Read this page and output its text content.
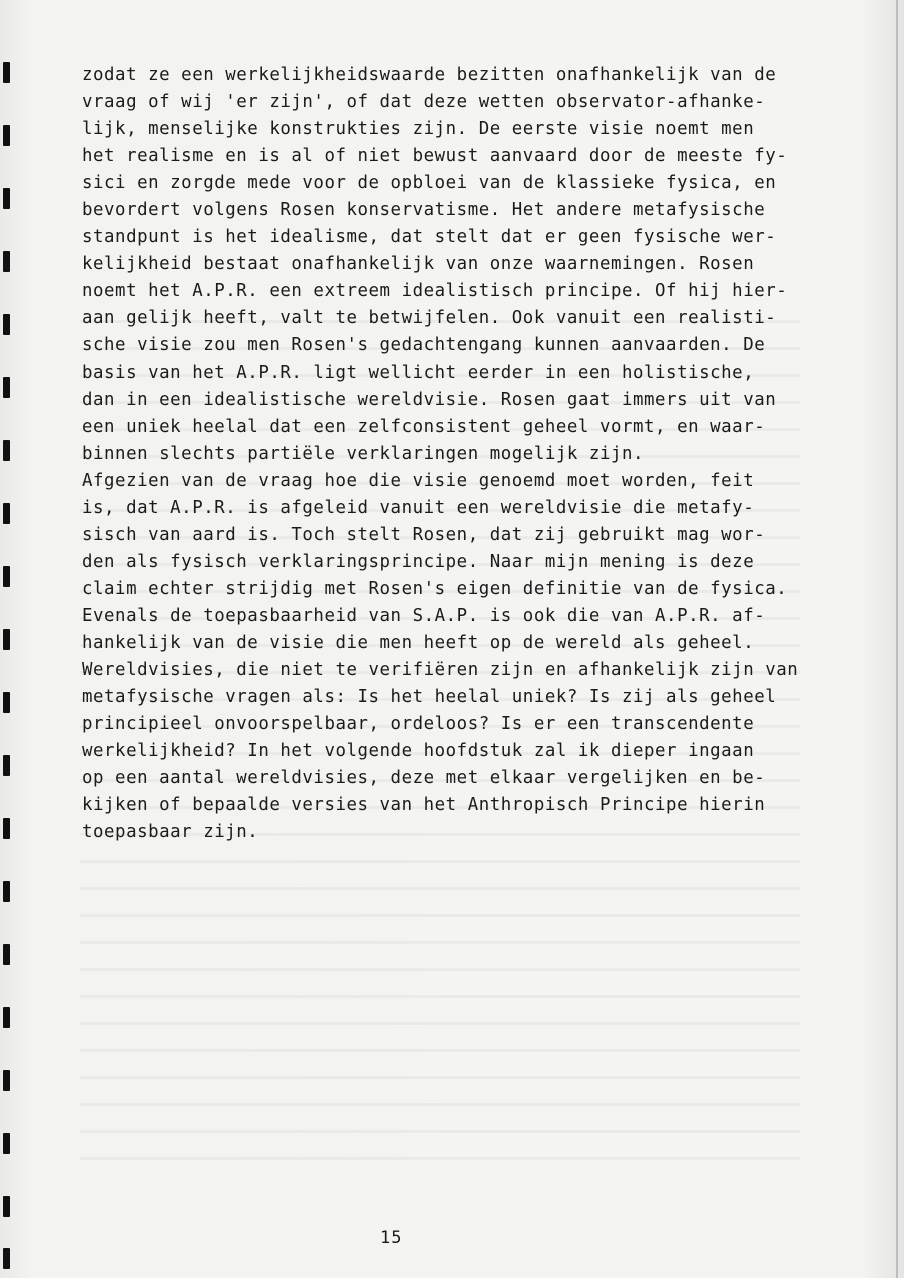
zodat ze een werkelijkheidswaarde bezitten onafhankelijk van de
vraag of wij 'er zijn', of dat deze wetten observator-afhanke-
lijk, menselijke konstrukties zijn. De eerste visie noemt men
het realisme en is al of niet bewust aanvaard door de meeste fy-
sici en zorgde mede voor de opbloei van de klassieke fysica, en
bevordert volgens Rosen konservatisme. Het andere metafysische
standpunt is het idealisme, dat stelt dat er geen fysische wer-
kelijkheid bestaat onafhankelijk van onze waarnemingen. Rosen
noemt het A.P.R. een extreem idealistisch principe. Of hij hier-
aan gelijk heeft, valt te betwijfelen. Ook vanuit een realisti-
sche visie zou men Rosen's gedachtengang kunnen aanvaarden. De
basis van het A.P.R. ligt wellicht eerder in een holistische,
dan in een idealistische wereldvisie. Rosen gaat immers uit van
een uniek heelal dat een zelfconsistent geheel vormt, en waar-
binnen slechts partiële verklaringen mogelijk zijn.
Afgezien van de vraag hoe die visie genoemd moet worden, feit
is, dat A.P.R. is afgeleid vanuit een wereldvisie die metafy-
sisch van aard is. Toch stelt Rosen, dat zij gebruikt mag wor-
den als fysisch verklaringsprincipe. Naar mijn mening is deze
claim echter strijdig met Rosen's eigen definitie van de fysica.
Evenals de toepasbaarheid van S.A.P. is ook die van A.P.R. af-
hankelijk van de visie die men heeft op de wereld als geheel.
Wereldvisies, die niet te verifiëren zijn en afhankelijk zijn van
metafysische vragen als: Is het heelal uniek? Is zij als geheel
principieel onvoorspelbaar, ordeloos? Is er een transcendente
werkelijkheid? In het volgende hoofdstuk zal ik dieper ingaan
op een aantal wereldvisies, deze met elkaar vergelijken en be-
kijken of bepaalde versies van het Anthropisch Principe hierin
toepasbaar zijn.
15
